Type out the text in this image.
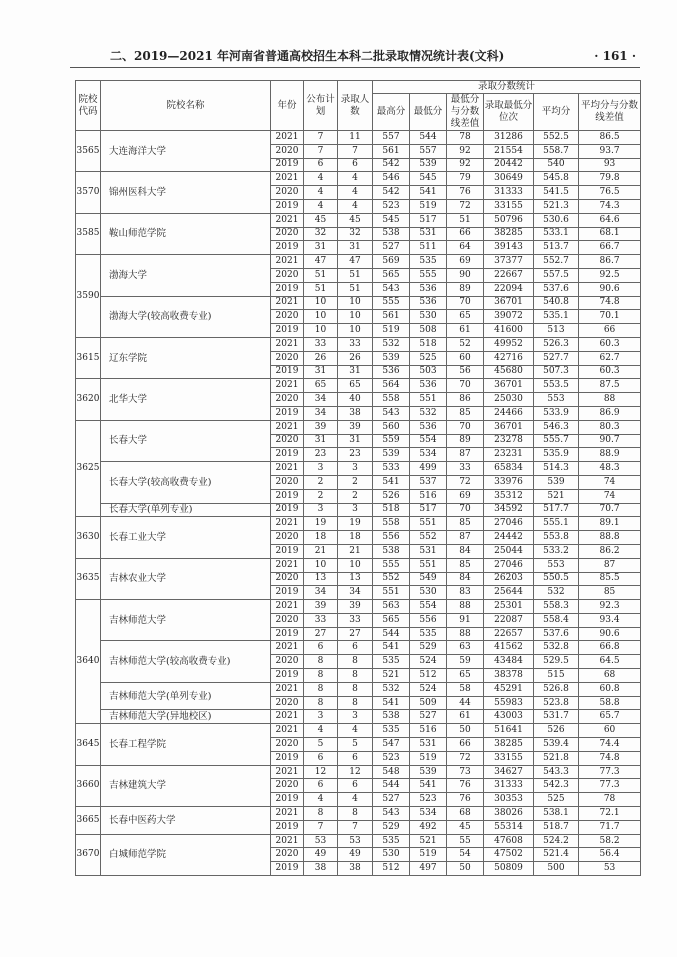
二、2019—2021 年河南省普通高校招生本科二批录取情况统计表(文科)	· 161 ·
院校代码	院校名称	年份	公布计划	录取人数	录取分数统计					
					最高分	最低分	最低分与分数线差值	录取最低分位次	平均分	平均分与分数线差值
3565	大连海洋大学	2021	7	11	557	544	78	31286	552.5	86.5
		2020	7	7	561	557	92	21554	558.7	93.7
		2019	6	6	542	539	92	20442	540	93
3570	锦州医科大学	2021	4	4	546	545	79	30649	545.8	79.8
		2020	4	4	542	541	76	31333	541.5	76.5
		2019	4	4	523	519	72	33155	521.3	74.3
3585	鞍山师范学院	2021	45	45	545	517	51	50796	530.6	64.6
		2020	32	32	538	531	66	38285	533.1	68.1
		2019	31	31	527	511	64	39143	513.7	66.7
3590	渤海大学	2021	47	47	569	535	69	37377	552.7	86.7
		2020	51	51	565	555	90	22667	557.5	92.5
		2019	51	51	543	536	89	22094	537.6	90.6
	渤海大学(较高收费专业)	2021	10	10	555	536	70	36701	540.8	74.8
		2020	10	10	561	530	65	39072	535.1	70.1
		2019	10	10	519	508	61	41600	513	66
3615	辽东学院	2021	33	33	532	518	52	49952	526.3	60.3
		2020	26	26	539	525	60	42716	527.7	62.7
		2019	31	31	536	503	56	45680	507.3	60.3
3620	北华大学	2021	65	65	564	536	70	36701	553.5	87.5
		2020	34	40	558	551	86	25030	553	88
		2019	34	38	543	532	85	24466	533.9	86.9
3625	长春大学	2021	39	39	560	536	70	36701	546.3	80.3
		2020	31	31	559	554	89	23278	555.7	90.7
		2019	23	23	539	534	87	23231	535.9	88.9
	长春大学(较高收费专业)	2021	3	3	533	499	33	65834	514.3	48.3
		2020	2	2	541	537	72	33976	539	74
		2019	2	2	526	516	69	35312	521	74
	长春大学(单列专业)	2019	3	3	518	517	70	34592	517.7	70.7
3630	长春工业大学	2021	19	19	558	551	85	27046	555.1	89.1
		2020	18	18	556	552	87	24442	553.8	88.8
		2019	21	21	538	531	84	25044	533.2	86.2
3635	吉林农业大学	2021	10	10	555	551	85	27046	553	87
		2020	13	13	552	549	84	26203	550.5	85.5
		2019	34	34	551	530	83	25644	532	85
3640	吉林师范大学	2021	39	39	563	554	88	25301	558.3	92.3
		2020	33	33	565	556	91	22087	558.4	93.4
		2019	27	27	544	535	88	22657	537.6	90.6
	吉林师范大学(较高收费专业)	2021	6	6	541	529	63	41562	532.8	66.8
		2020	8	8	535	524	59	43484	529.5	64.5
		2019	8	8	521	512	65	38378	515	68
	吉林师范大学(单列专业)	2021	8	8	532	524	58	45291	526.8	60.8
		2020	8	8	541	509	44	55983	523.8	58.8
	吉林师范大学(异地校区)	2021	3	3	538	527	61	43003	531.7	65.7
3645	长春工程学院	2021	4	4	535	516	50	51641	526	60
		2020	5	5	547	531	66	38285	539.4	74.4
		2019	6	6	523	519	72	33155	521.8	74.8
3660	吉林建筑大学	2021	12	12	548	539	73	34627	543.3	77.3
		2020	6	6	544	541	76	31333	542.3	77.3
		2019	4	4	527	523	76	30353	525	78
3665	长春中医药大学	2021	8	8	543	534	68	38026	538.1	72.1
		2019	7	7	529	492	45	55314	518.7	71.7
3670	白城师范学院	2021	53	53	535	521	55	47608	524.2	58.2
		2020	49	49	530	519	54	47502	521.4	56.4
		2019	38	38	512	497	50	50809	500	53
